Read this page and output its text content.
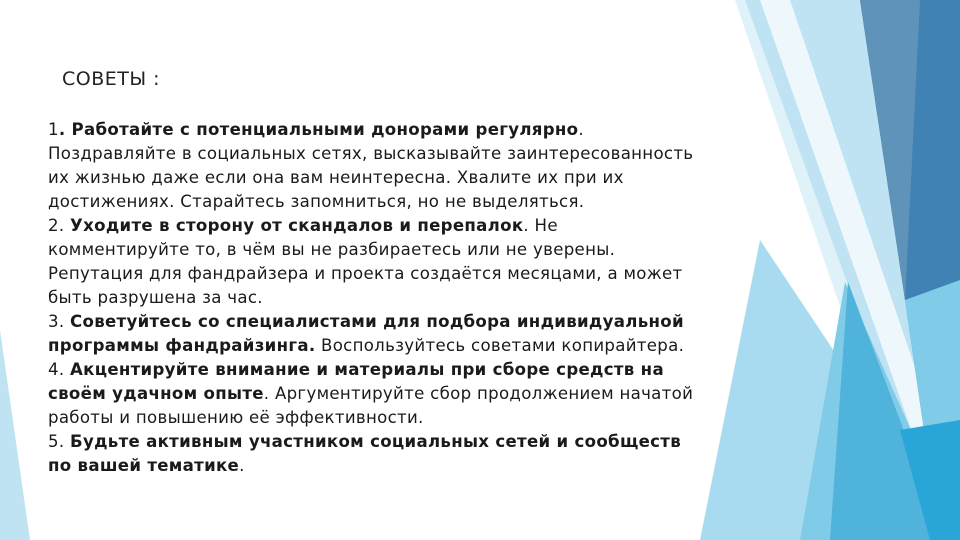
СОВЕТЫ :

1. Работайте с потенциальными донорами регулярно. Поздравляйте в социальных сетях, высказывайте заинтересованность их жизнью даже если она вам неинтересна. Хвалите их при их достижениях. Старайтесь запомниться, но не выделяться.

2. Уходите в сторону от скандалов и перепалок. Не комментируйте то, в чём вы не разбираетесь или не уверены. Репутация для фандрайзера и проекта создаётся месяцами, а может быть разрушена за час.

3. Советуйтесь со специалистами для подбора индивидуальной программы фандрайзинга. Воспользуйтесь советами копирайтера.

4. Акцентируйте внимание и материалы при сборе средств на своём удачном опыте. Аргументируйте сбор продолжением начатой работы и повышению её эффективности.

5. Будьте активным участником социальных сетей и сообществ по вашей тематике.
